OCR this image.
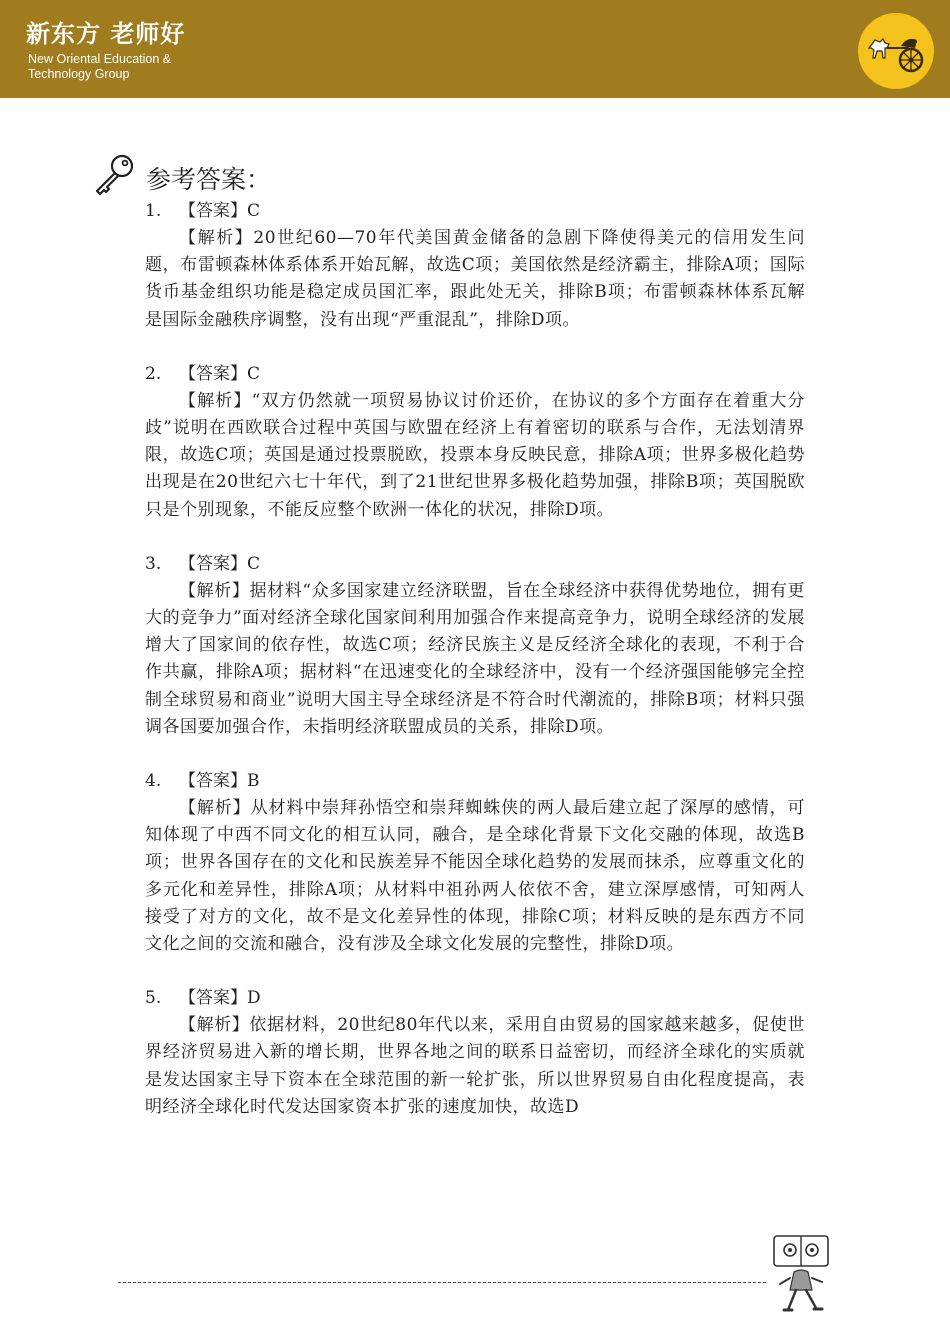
新东方 老师好
New Oriental Education &
Technology Group
参考答案：
1. 【答案】C
【解析】20世纪60—70年代美国黄金储备的急剧下降使得美元的信用发生问题，布雷顿森林体系体系开始瓦解，故选C项；美国依然是经济霸主，排除A项；国际货币基金组织功能是稳定成员国汇率，跟此处无关，排除B项；布雷顿森林体系瓦解是国际金融秩序调整，没有出现“严重混乱”，排除D项。
2. 【答案】C
【解析】“双方仍然就一项贸易协议讨价还价，在协议的多个方面存在着重大分歧”说明在西欧联合过程中英国与欧盟在经济上有着密切的联系与合作，无法划清界限，故选C项；英国是通过投票脱欧，投票本身反映民意，排除A项；世界多极化趋势出现是在20世纪六七十年代，到了21世纪世界多极化趋势加强，排除B项；英国脱欧只是个别现象，不能反应整个欧洲一体化的状况，排除D项。
3. 【答案】C
【解析】据材料“众多国家建立经济联盟，旨在全球经济中获得优势地位，拥有更大的竞争力”面对经济全球化国家间利用加强合作来提高竞争力，说明全球经济的发展增大了国家间的依存性，故选C项；经济民族主义是反经济全球化的表现，不利于合作共赢，排除A项；据材料“在迅速变化的全球经济中，没有一个经济强国能够完全控制全球贸易和商业”说明大国主导全球经济是不符合时代潮流的，排除B项；材料只强调各国要加强合作，未指明经济联盟成员的关系，排除D项。
4. 【答案】B
【解析】从材料中崇拜孙悟空和崇拜蜘蛛侠的两人最后建立起了深厚的感情，可知体现了中西不同文化的相互认同，融合，是全球化背景下文化交融的体现，故选B项；世界各国存在的文化和民族差异不能因全球化趋势的发展而抹杀，应尊重文化的多元化和差异性，排除A项；从材料中祖孙两人依依不舍，建立深厚感情，可知两人接受了对方的文化，故不是文化差异性的体现，排除C项；材料反映的是东西方不同文化之间的交流和融合，没有涉及全球文化发展的完整性，排除D项。
5. 【答案】D
【解析】依据材料，20世纪80年代以来，采用自由贸易的国家越来越多，促使世界经济贸易进入新的增长期，世界各地之间的联系日益密切，而经济全球化的实质就是发达国家主导下资本在全球范围的新一轮扩张，所以世界贸易自由化程度提高，表明经济全球化时代发达国家资本扩张的速度加快，故选D
